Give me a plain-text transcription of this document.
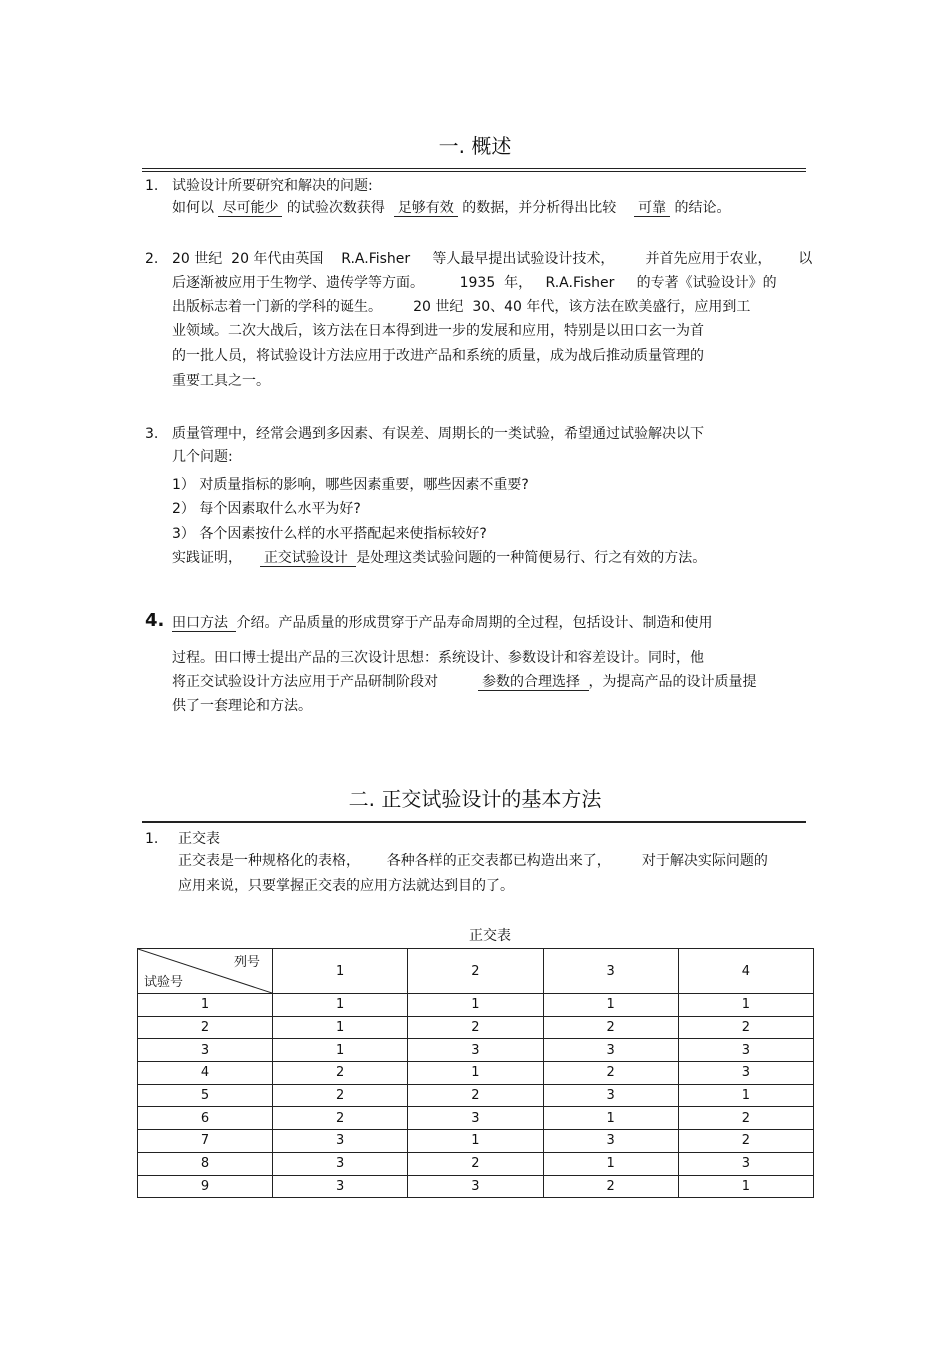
一. 概述
1. 试验设计所要研究和解决的问题:
如何以 尽可能少 的试验次数获得  足够有效 的数据，并分析得出比较    可靠 的结论。
2. 20 世纪  20 年代由英国    R.A.Fisher     等人最早提出试验设计技术，       并首先应用于农业，      以
后逐渐被应用于生物学、遗传学等方面。        1935  年，   R.A.Fisher     的专著《试验设计》的
出版标志着一门新的学科的诞生。       20 世纪  30、40 年代，该方法在欧美盛行，应用到工
业领域。二次大战后，该方法在日本得到进一步的发展和应用，特别是以田口玄一为首
的一批人员，将试验设计方法应用于改进产品和系统的质量，成为战后推动质量管理的
重要工具之一。
3. 质量管理中，经常会遇到多因素、有误差、周期长的一类试验，希望通过试验解决以下
几个问题:
1） 对质量指标的影响，哪些因素重要，哪些因素不重要?
2） 每个因素取什么水平为好?
3） 各个因素按什么样的水平搭配起来使指标较好?
实践证明，    正交试验设计 是处理这类试验问题的一种简便易行、行之有效的方法。
4. 田口方法 介绍。产品质量的形成贯穿于产品寿命周期的全过程，包括设计、制造和使用
过程。田口博士提出产品的三次设计思想：系统设计、参数设计和容差设计。同时，他
将正交试验设计方法应用于产品研制阶段对         参数的合理选择 ，为提高产品的设计质量提
供了一套理论和方法。
二. 正交试验设计的基本方法
1. 正交表
正交表是一种规格化的表格，      各种各样的正交表都已构造出来了，       对于解决实际问题的
应用来说，只要掌握正交表的应用方法就达到目的了。
正交表
列号
试验号	1	2	3	4
1	1	1	1	1
2	1	2	2	2
3	1	3	3	3
4	2	1	2	3
5	2	2	3	1
6	2	3	1	2
7	3	1	3	2
8	3	2	1	3
9	3	3	2	1
